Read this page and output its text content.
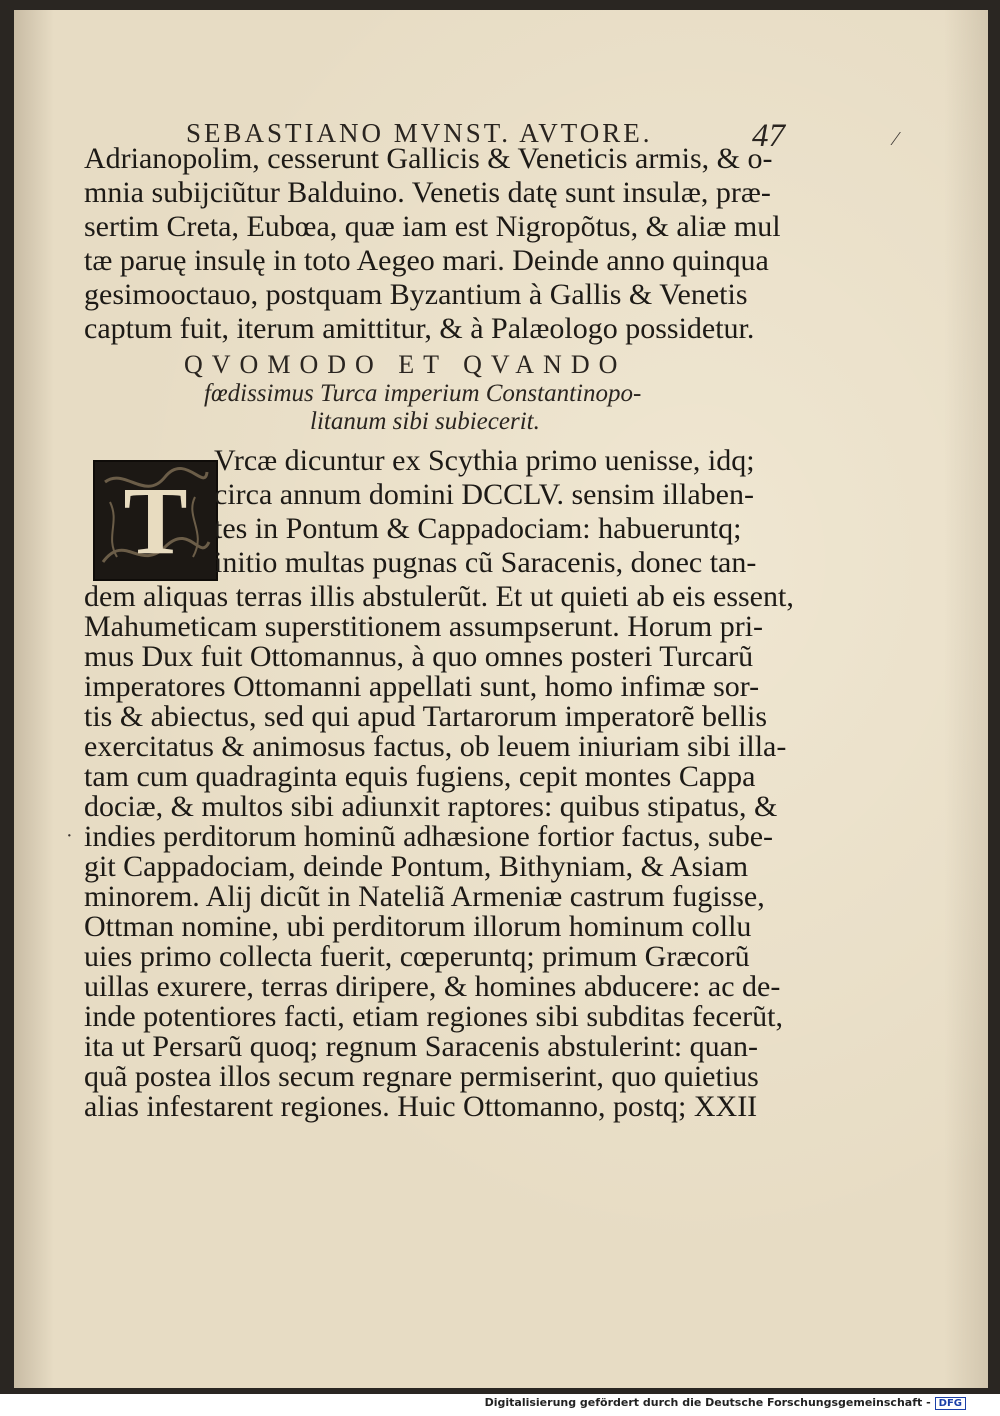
SEBASTIANO MVNST. AVTORE.	47
Adrianopolim, cesserunt Gallicis & Veneticis armis, & o-
mnia subijciũtur Balduino. Venetis datę sunt insulæ, præ-
sertim Creta, Eubœa, quæ iam est Nigropõtus, & aliæ mul
tæ paruę insulę in toto Aegeo mari. Deinde anno quinqua
gesimooctauo, postquam Byzantium à Gallis & Venetis
captum fuit, iterum amittitur, & à Palæologo possidetur.
QVOMODO ET QVANDO
fœdissimus Turca imperium Constantinopo-
litanum sibi subiecerit.
T
Vrcæ dicuntur ex Scythia primo uenisse, idq;
circa annum domini DCCLV. sensim illaben-
tes in Pontum & Cappadociam: habueruntq;
initio multas pugnas cũ Saracenis, donec tan-
dem aliquas terras illis abstulerũt. Et ut quieti ab eis essent,
Mahumeticam superstitionem assumpserunt. Horum pri-
mus Dux fuit Ottomannus, à quo omnes posteri Turcarũ
imperatores Ottomanni appellati sunt, homo infimæ sor-
tis & abiectus, sed qui apud Tartarorum imperatorẽ bellis
exercitatus & animosus factus, ob leuem iniuriam sibi illa-
tam cum quadraginta equis fugiens, cepit montes Cappa
dociæ, & multos sibi adiunxit raptores: quibus stipatus, &
indies perditorum hominũ adhæsione fortior factus, sube-
git Cappadociam, deinde Pontum, Bithyniam, & Asiam
minorem. Alij dicũt in Nateliã Armeniæ castrum fugisse,
Ottman nomine, ubi perditorum illorum hominum collu
uies primo collecta fuerit, cœperuntq; primum Græcorũ
uillas exurere, terras diripere, & homines abducere: ac de-
inde potentiores facti, etiam regiones sibi subditas fecerũt,
ita ut Persarũ quoq; regnum Saracenis abstulerint: quan-
quã postea illos secum regnare permiserint, quo quietius
alias infestarent regiones. Huic Ottomanno, postq; XXII
·
⁄
Digitalisierung gefördert durch die Deutsche Forschungsgemeinschaft - DFG
